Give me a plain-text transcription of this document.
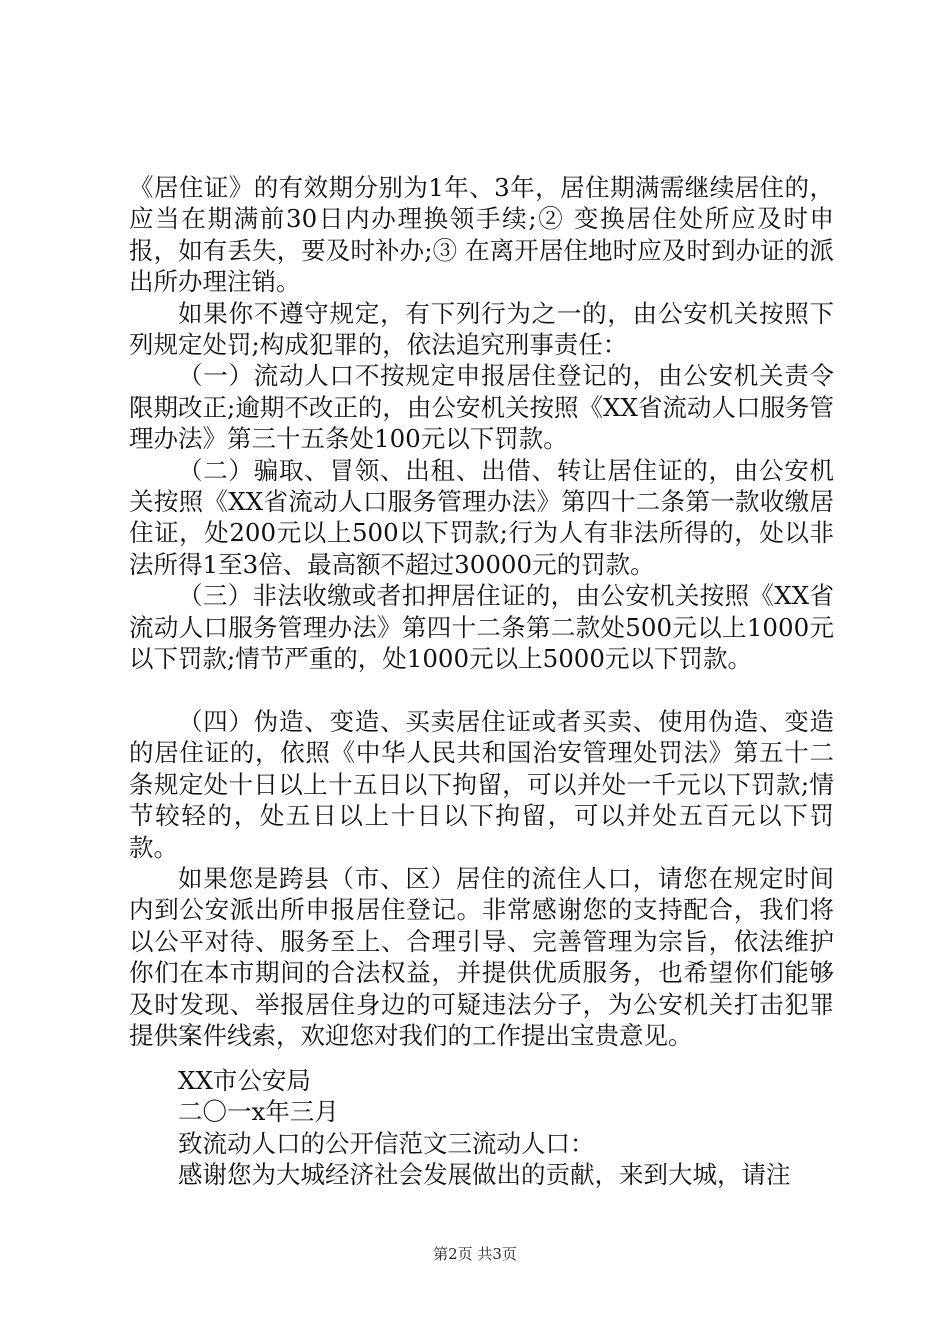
《居住证》的有效期分别为1年、3年，居住期满需继续居住的，应当在期满前30日内办理换领手续;② 变换居住处所应及时申报，如有丢失，要及时补办;③ 在离开居住地时应及时到办证的派出所办理注销。

如果你不遵守规定，有下列行为之一的，由公安机关按照下列规定处罚;构成犯罪的，依法追究刑事责任：

（一）流动人口不按规定申报居住登记的，由公安机关责令限期改正;逾期不改正的，由公安机关按照《XX省流动人口服务管理办法》第三十五条处100元以下罚款。

（二）骗取、冒领、出租、出借、转让居住证的，由公安机关按照《XX省流动人口服务管理办法》第四十二条第一款收缴居住证，处200元以上500以下罚款;行为人有非法所得的，处以非法所得1至3倍、最高额不超过30000元的罚款。

（三）非法收缴或者扣押居住证的，由公安机关按照《XX省流动人口服务管理办法》第四十二条第二款处500元以上1000元以下罚款;情节严重的，处1000元以上5000元以下罚款。

（四）伪造、变造、买卖居住证或者买卖、使用伪造、变造的居住证的，依照《中华人民共和国治安管理处罚法》第五十二条规定处十日以上十五日以下拘留，可以并处一千元以下罚款;情节较轻的，处五日以上十日以下拘留，可以并处五百元以下罚款。

如果您是跨县（市、区）居住的流住人口，请您在规定时间内到公安派出所申报居住登记。非常感谢您的支持配合，我们将以公平对待、服务至上、合理引导、完善管理为宗旨，依法维护你们在本市期间的合法权益，并提供优质服务，也希望你们能够及时发现、举报居住身边的可疑违法分子，为公安机关打击犯罪提供案件线索，欢迎您对我们的工作提出宝贵意见。

XX市公安局

二〇一x年三月

致流动人口的公开信范文三流动人口：

感谢您为大城经济社会发展做出的贡献，来到大城，请注

第2页 共3页
